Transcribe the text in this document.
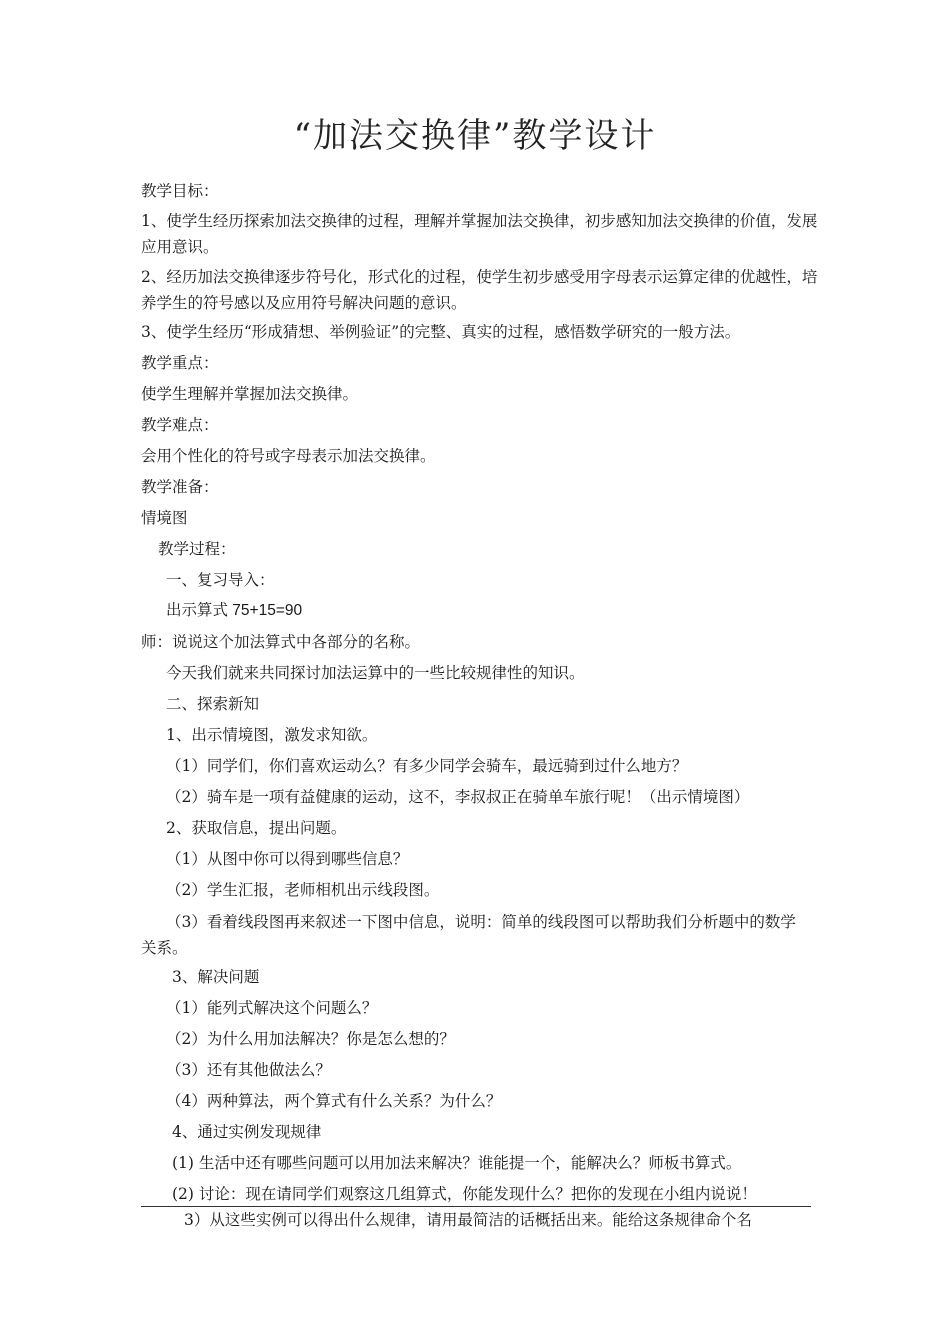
“加法交换律”教学设计
教学目标：
1、使学生经历探索加法交换律的过程，理解并掌握加法交换律，初步感知加法交换律的价值，发展应用意识。
2、经历加法交换律逐步符号化，形式化的过程，使学生初步感受用字母表示运算定律的优越性，培养学生的符号感以及应用符号解决问题的意识。
3、使学生经历“形成猜想、举例验证”的完整、真实的过程，感悟数学研究的一般方法。
教学重点：
使学生理解并掌握加法交换律。
教学难点：
会用个性化的符号或字母表示加法交换律。
教学准备：
情境图
教学过程：
一、复习导入：
出示算式 75+15=90
师：说说这个加法算式中各部分的名称。
今天我们就来共同探讨加法运算中的一些比较规律性的知识。
二、探索新知
1、出示情境图，激发求知欲。
（1）同学们，你们喜欢运动么？有多少同学会骑车，最远骑到过什么地方？
（2）骑车是一项有益健康的运动，这不，李叔叔正在骑单车旅行呢！（出示情境图）
2、获取信息，提出问题。
（1）从图中你可以得到哪些信息？
（2）学生汇报，老师相机出示线段图。
（3）看着线段图再来叙述一下图中信息，说明：简单的线段图可以帮助我们分析题中的数学关系。
3、解决问题
（1）能列式解决这个问题么？
（2）为什么用加法解决？你是怎么想的？
（3）还有其他做法么？
（4）两种算法，两个算式有什么关系？为什么？
4、通过实例发现规律
(1) 生活中还有哪些问题可以用加法来解决？谁能提一个，能解决么？师板书算式。
(2) 讨论：现在请同学们观察这几组算式，你能发现什么？把你的发现在小组内说说！
3）从这些实例可以得出什么规律，请用最简洁的话概括出来。能给这条规律命个名
